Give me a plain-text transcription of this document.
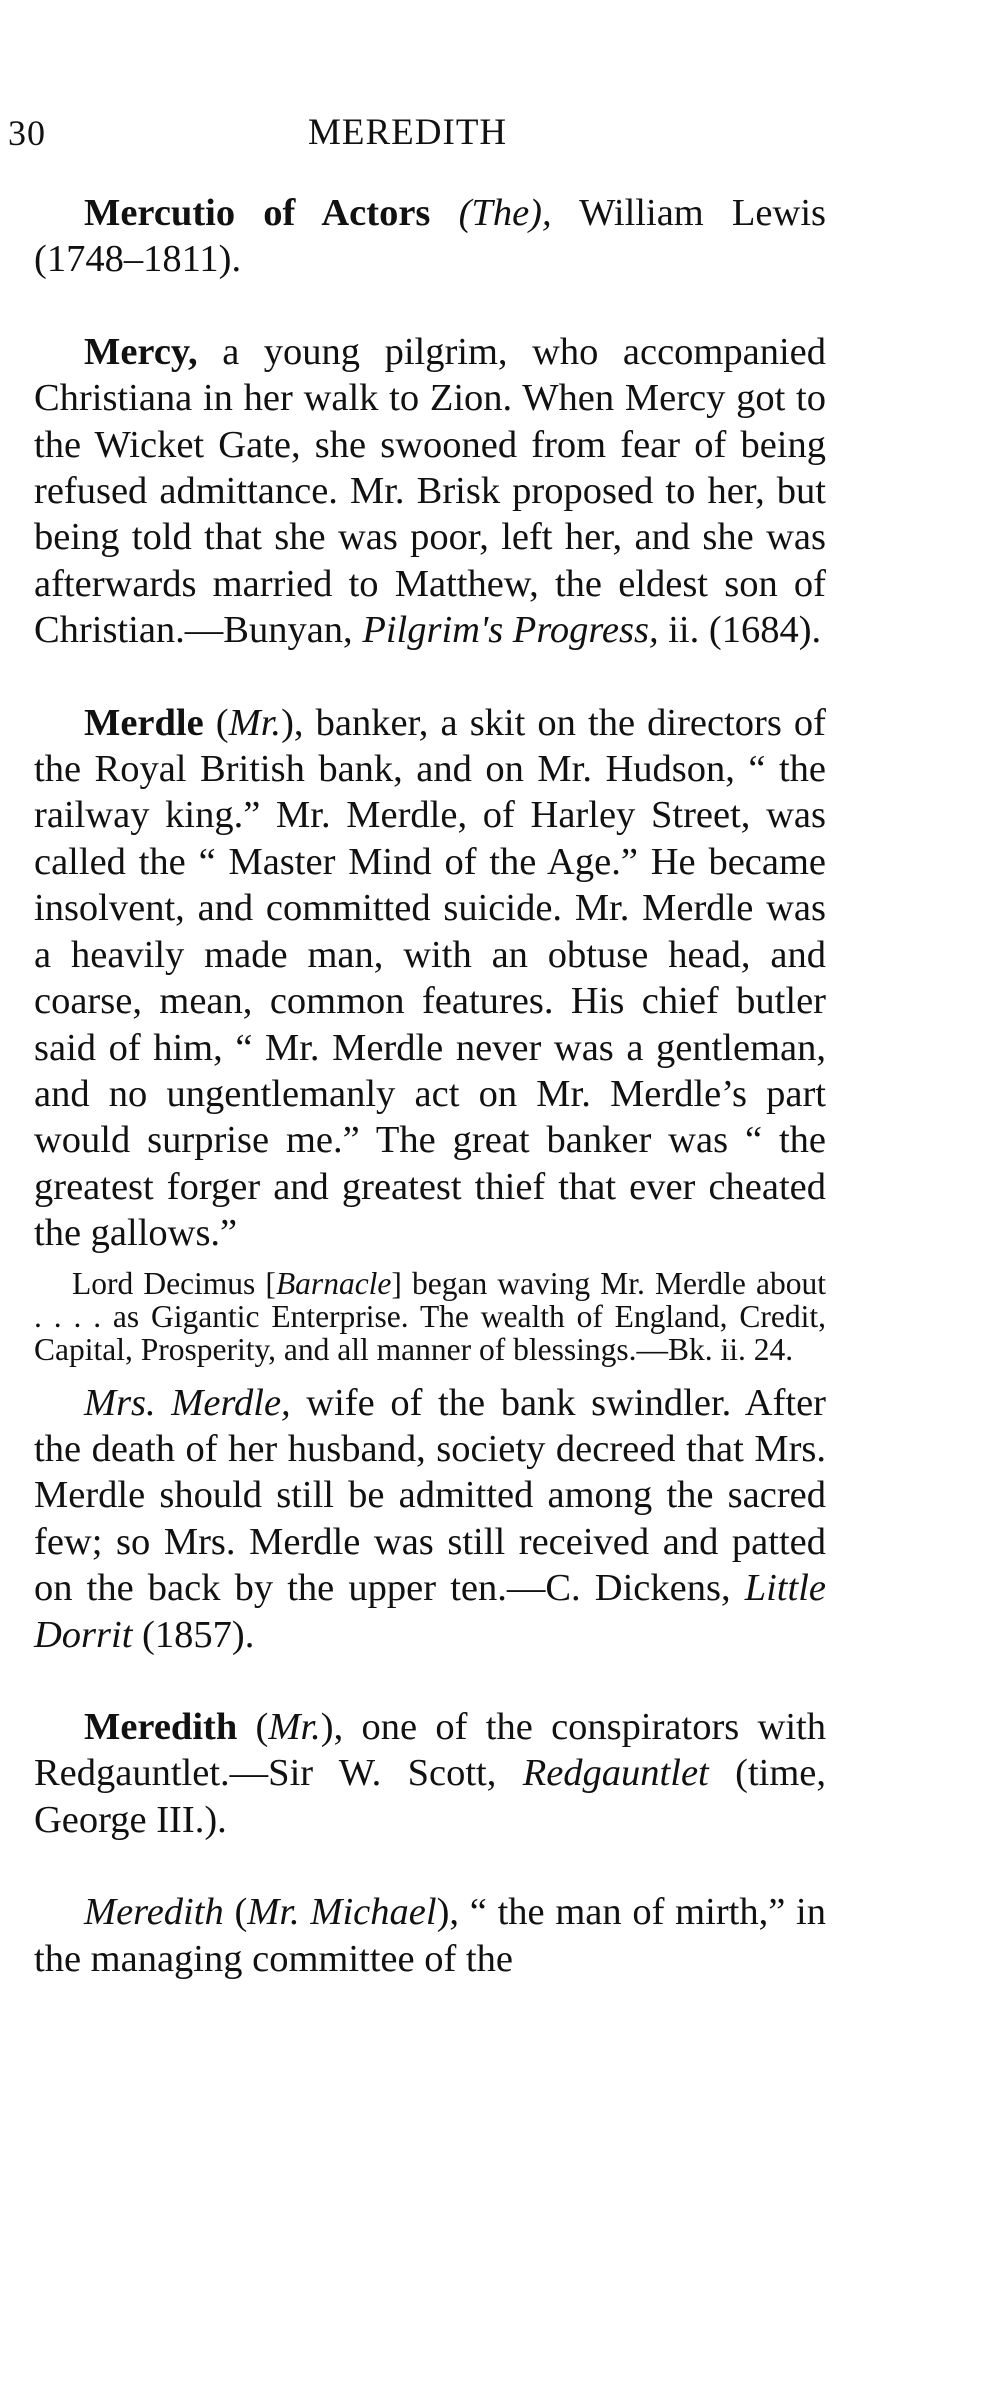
30	MEREDITH

Mercutio of Actors (The), William Lewis (1748–1811).

Mercy, a young pilgrim, who accompanied Christiana in her walk to Zion. When Mercy got to the Wicket Gate, she swooned from fear of being refused admittance. Mr. Brisk proposed to her, but being told that she was poor, left her, and she was afterwards married to Matthew, the eldest son of Christian.—Bunyan, Pilgrim's Progress, ii. (1684).

Merdle (Mr.), banker, a skit on the directors of the Royal British bank, and on Mr. Hudson, “ the railway king.” Mr. Merdle, of Harley Street, was called the “ Master Mind of the Age.” He became insolvent, and committed suicide. Mr. Merdle was a heavily made man, with an obtuse head, and coarse, mean, common features. His chief butler said of him, “ Mr. Merdle never was a gentleman, and no ungentlemanly act on Mr. Merdle’s part would surprise me.” The great banker was “ the greatest forger and greatest thief that ever cheated the gallows.”

Lord Decimus [Barnacle] began waving Mr. Merdle about . . . . as Gigantic Enterprise. The wealth of England, Credit, Capital, Prosperity, and all manner of blessings.—Bk. ii. 24.

Mrs. Merdle, wife of the bank swindler. After the death of her husband, society decreed that Mrs. Merdle should still be admitted among the sacred few; so Mrs. Merdle was still received and patted on the back by the upper ten.—C. Dickens, Little Dorrit (1857).

Meredith (Mr.), one of the conspirators with Redgauntlet.—Sir W. Scott, Redgauntlet (time, George III.).

Meredith (Mr. Michael), “ the man of mirth,” in the managing committee of the
